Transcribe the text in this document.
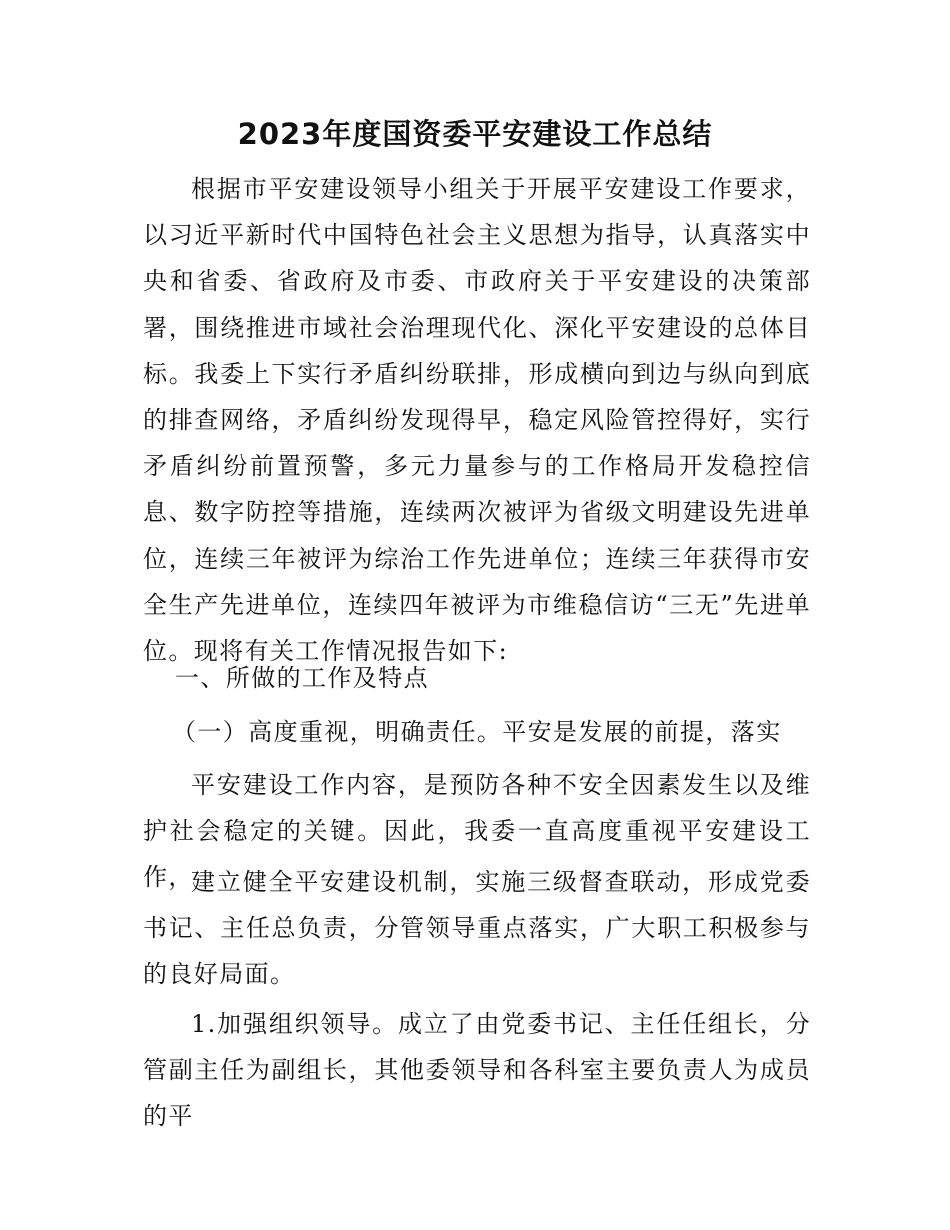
2023年度国资委平安建设工作总结

根据市平安建设领导小组关于开展平安建设工作要求，以习近平新时代中国特色社会主义思想为指导，认真落实中央和省委、省政府及市委、市政府关于平安建设的决策部署，围绕推进市域社会治理现代化、深化平安建设的总体目标。我委上下实行矛盾纠纷联排，形成横向到边与纵向到底的排查网络，矛盾纠纷发现得早，稳定风险管控得好，实行矛盾纠纷前置预警，多元力量参与的工作格局开发稳控信息、数字防控等措施，连续两次被评为省级文明建设先进单位，连续三年被评为综治工作先进单位；连续三年获得市安全生产先进单位，连续四年被评为市维稳信访“三无”先进单位。现将有关工作情况报告如下:

一、所做的工作及特点
（一）高度重视，明确责任。平安是发展的前提，落实

平安建设工作内容，是预防各种不安全因素发生以及维护社会稳定的关键。因此，我委一直高度重视平安建设工作，

建立健全平安建设机制，实施三级督查联动，形成党委书记、主任总负责，分管领导重点落实，广大职工积极参与的良好局面。

1.加强组织领导。成立了由党委书记、主任任组长，分管副主任为副组长，其他委领导和各科室主要负责人为成员的平
